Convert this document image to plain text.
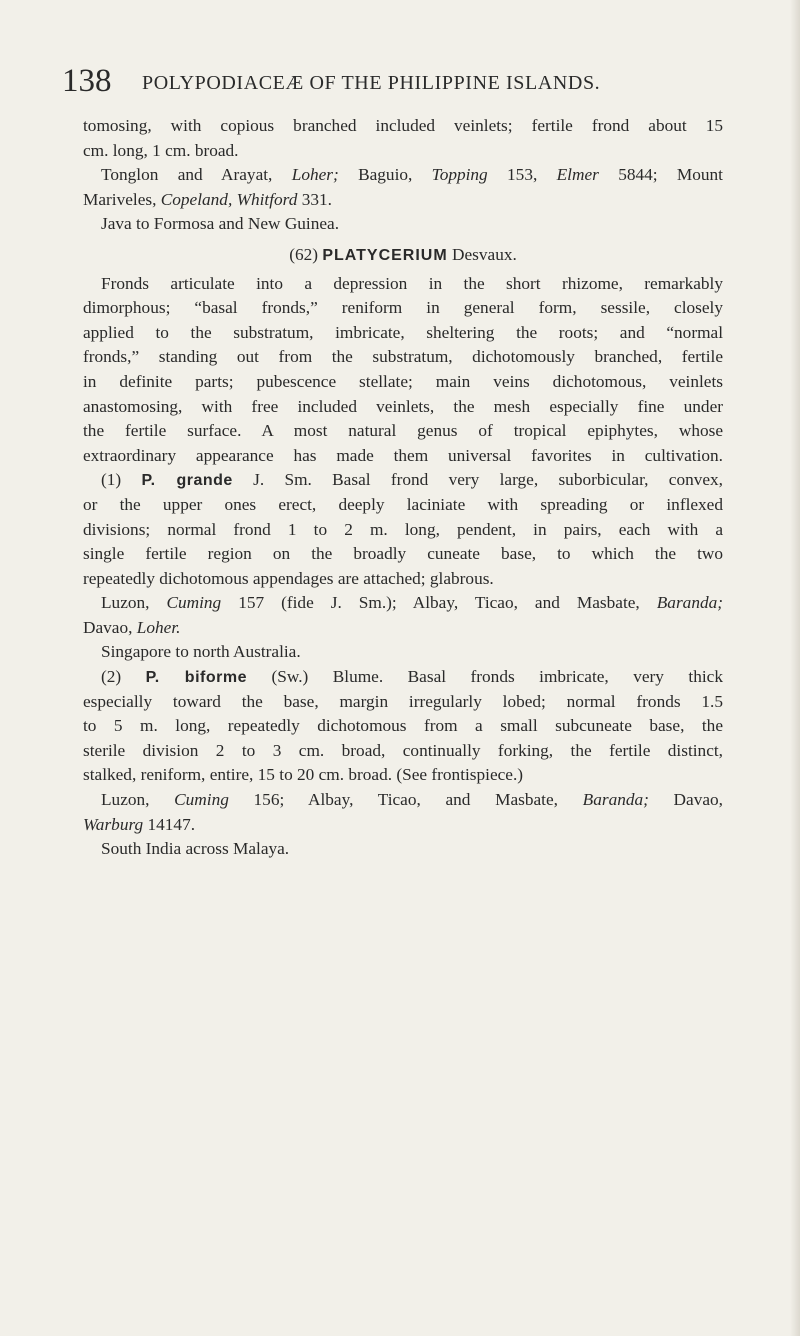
138 POLYPODIACEÆ OF THE PHILIPPINE ISLANDS.
tomosing, with copious branched included veinlets; fertile frond about 15
cm. long, 1 cm. broad.
Tonglon and Arayat, Loher; Baguio, Topping 153, Elmer 5844; Mount
Mariveles, Copeland, Whitford 331.
Java to Formosa and New Guinea.
(62) PLATYCERIUM Desvaux.
Fronds articulate into a depression in the short rhizome, remarkably
dimorphous; “basal fronds,” reniform in general form, sessile, closely
applied to the substratum, imbricate, sheltering the roots; and “normal
fronds,” standing out from the substratum, dichotomously branched, fertile
in definite parts; pubescence stellate; main veins dichotomous, veinlets
anastomosing, with free included veinlets, the mesh especially fine under
the fertile surface. A most natural genus of tropical epiphytes, whose
extraordinary appearance has made them universal favorites in cultivation.
(1) P. grande J. Sm. Basal frond very large, suborbicular, convex,
or the upper ones erect, deeply laciniate with spreading or inflexed
divisions; normal frond 1 to 2 m. long, pendent, in pairs, each with a
single fertile region on the broadly cuneate base, to which the two
repeatedly dichotomous appendages are attached; glabrous.
Luzon, Cuming 157 (fide J. Sm.); Albay, Ticao, and Masbate, Baranda;
Davao, Loher.
Singapore to north Australia.
(2) P. biforme (Sw.) Blume. Basal fronds imbricate, very thick
especially toward the base, margin irregularly lobed; normal fronds 1.5
to 5 m. long, repeatedly dichotomous from a small subcuneate base, the
sterile division 2 to 3 cm. broad, continually forking, the fertile distinct,
stalked, reniform, entire, 15 to 20 cm. broad. (See frontispiece.)
Luzon, Cuming 156; Albay, Ticao, and Masbate, Baranda; Davao,
Warburg 14147.
South India across Malaya.
